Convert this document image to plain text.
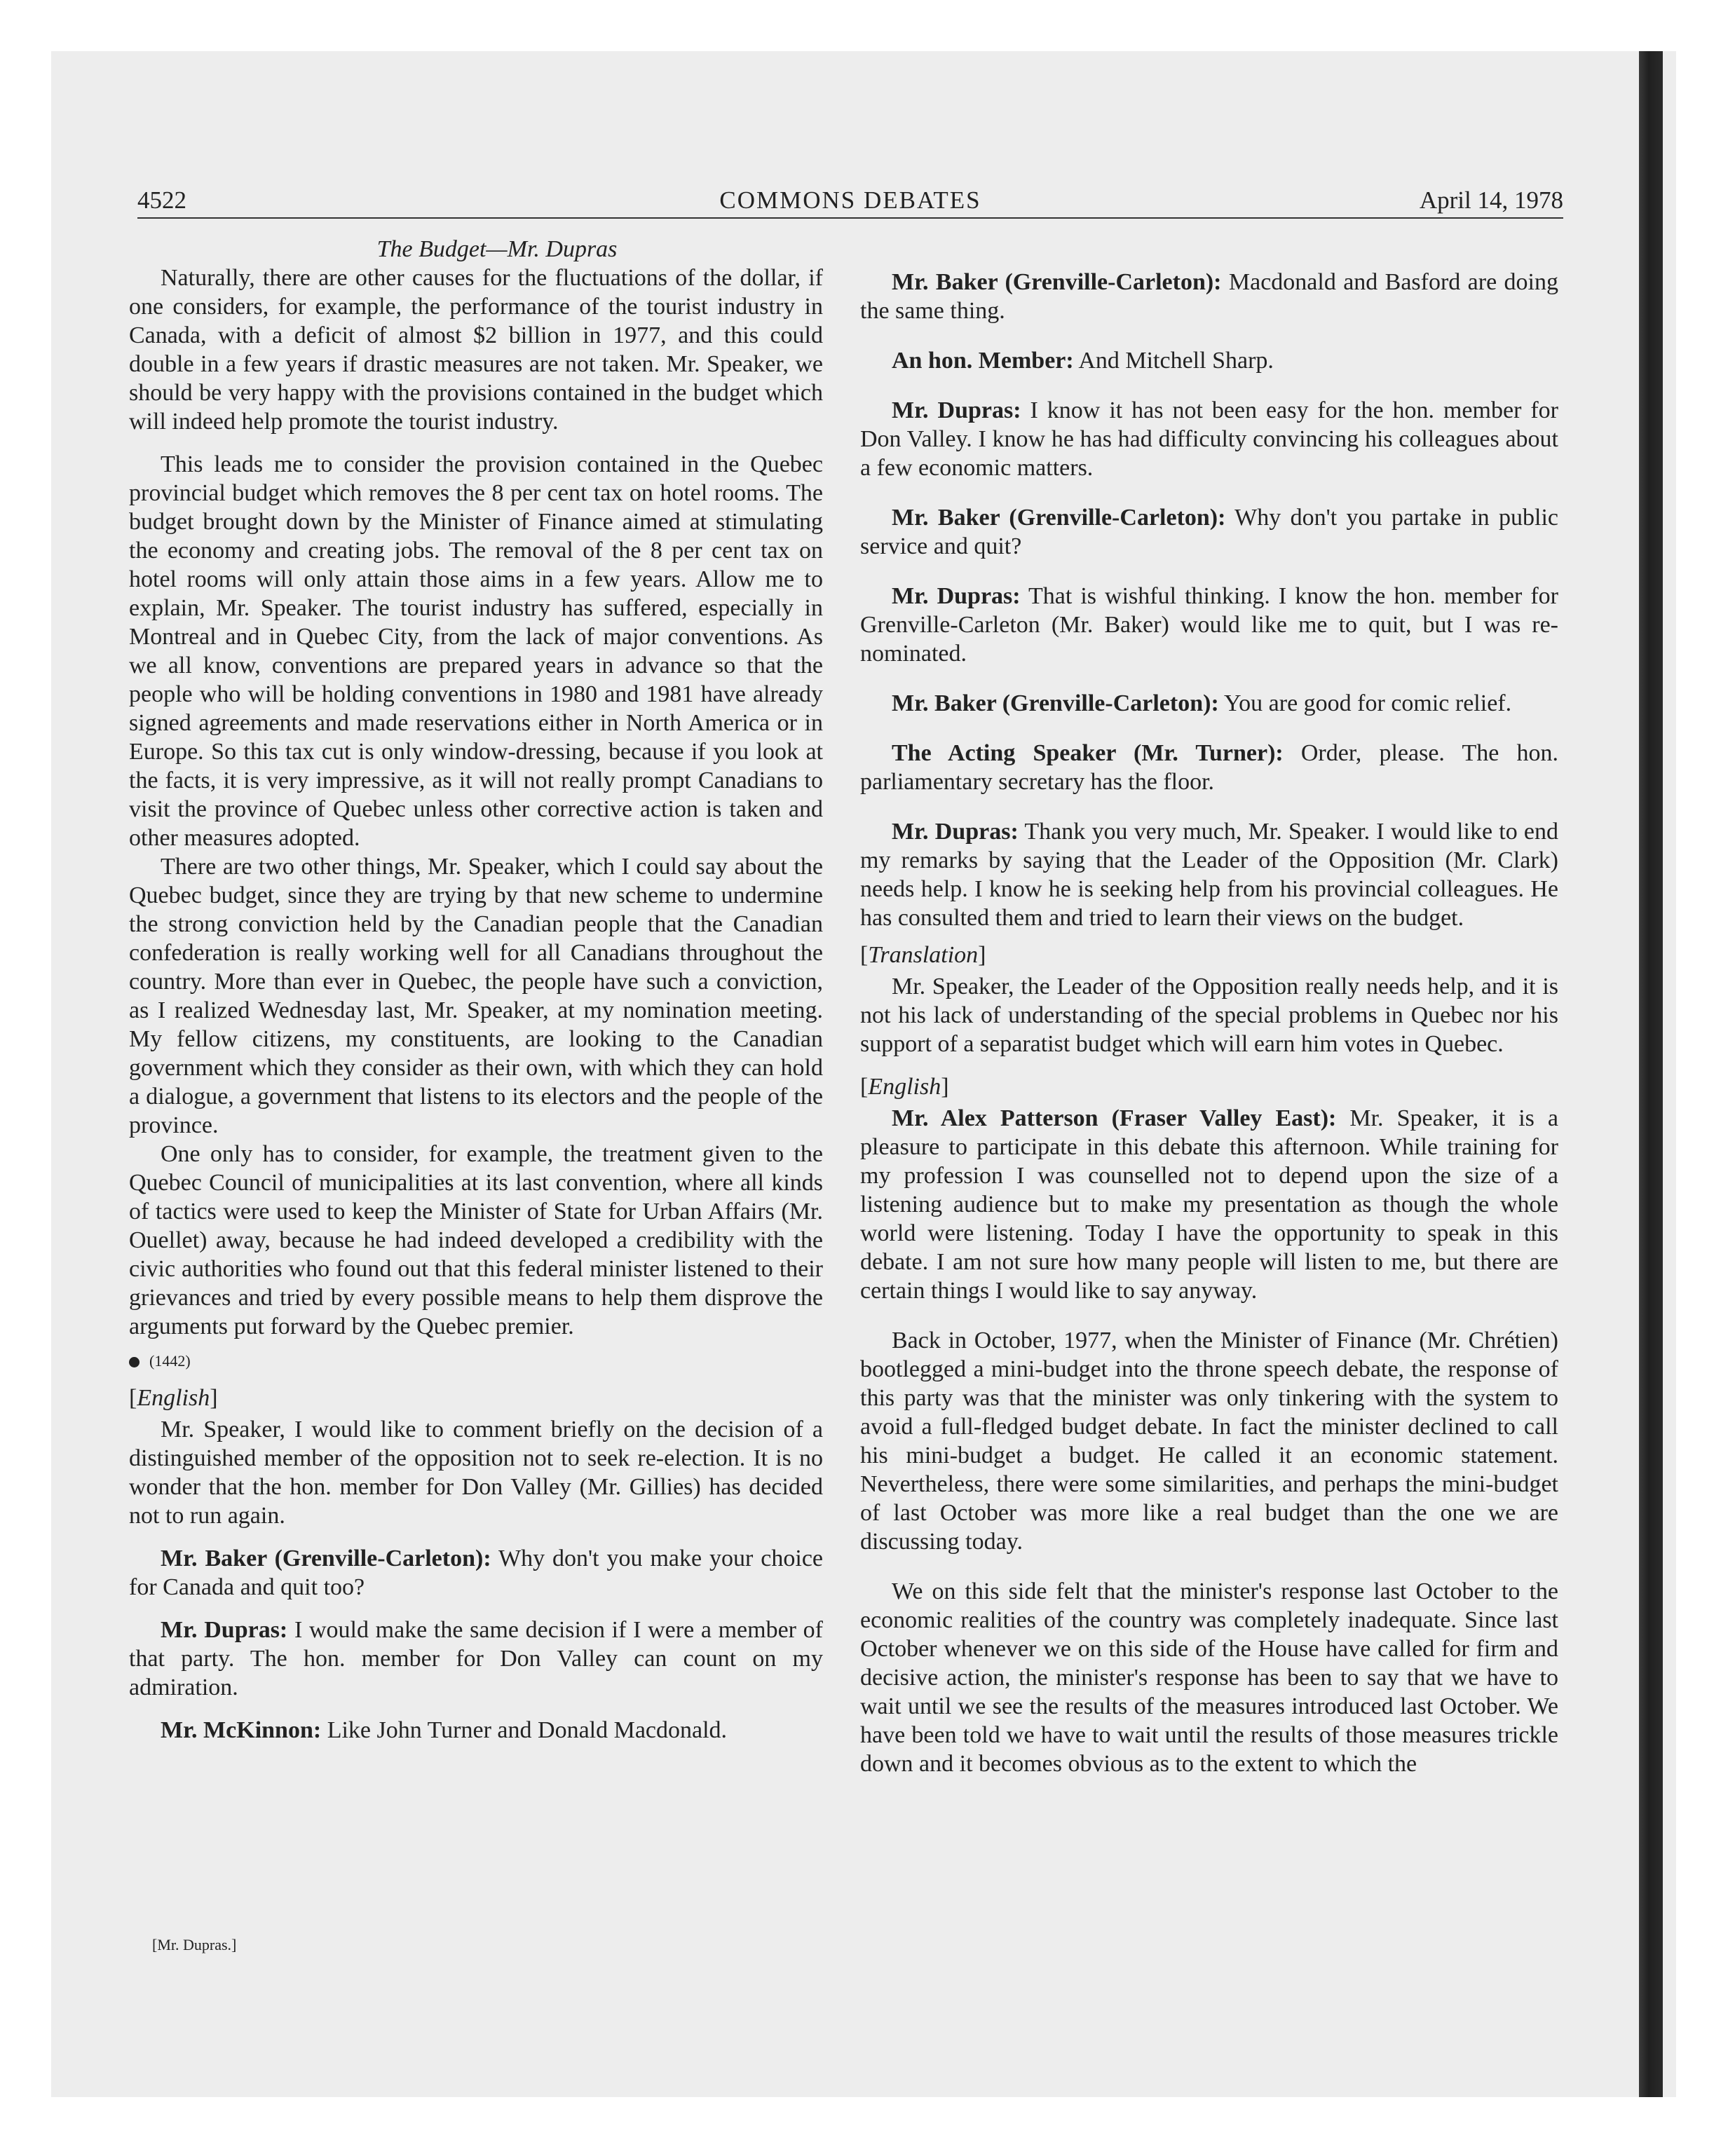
4522	COMMONS DEBATES	April 14, 1978
The Budget—Mr. Dupras

Naturally, there are other causes for the fluctuations of the dollar, if one considers, for example, the performance of the tourist industry in Canada, with a deficit of almost $2 billion in 1977, and this could double in a few years if drastic measures are not taken. Mr. Speaker, we should be very happy with the provisions contained in the budget which will indeed help promote the tourist industry.

This leads me to consider the provision contained in the Quebec provincial budget which removes the 8 per cent tax on hotel rooms. The budget brought down by the Minister of Finance aimed at stimulating the economy and creating jobs. The removal of the 8 per cent tax on hotel rooms will only attain those aims in a few years. Allow me to explain, Mr. Speaker. The tourist industry has suffered, especially in Montreal and in Quebec City, from the lack of major conventions. As we all know, conventions are prepared years in advance so that the people who will be holding conventions in 1980 and 1981 have already signed agreements and made reservations either in North America or in Europe. So this tax cut is only window-dressing, because if you look at the facts, it is very impressive, as it will not really prompt Canadians to visit the province of Quebec unless other corrective action is taken and other measures adopted.

There are two other things, Mr. Speaker, which I could say about the Quebec budget, since they are trying by that new scheme to undermine the strong conviction held by the Canadian people that the Canadian confederation is really working well for all Canadians throughout the country. More than ever in Quebec, the people have such a conviction, as I realized Wednesday last, Mr. Speaker, at my nomination meeting. My fellow citizens, my constituents, are looking to the Canadian government which they consider as their own, with which they can hold a dialogue, a government that listens to its electors and the people of the province.

One only has to consider, for example, the treatment given to the Quebec Council of municipalities at its last convention, where all kinds of tactics were used to keep the Minister of State for Urban Affairs (Mr. Ouellet) away, because he had indeed developed a credibility with the civic authorities who found out that this federal minister listened to their grievances and tried by every possible means to help them disprove the arguments put forward by the Quebec premier.

(1442)
[English]

Mr. Speaker, I would like to comment briefly on the decision of a distinguished member of the opposition not to seek re-election. It is no wonder that the hon. member for Don Valley (Mr. Gillies) has decided not to run again.

Mr. Baker (Grenville-Carleton): Why don't you make your choice for Canada and quit too?

Mr. Dupras: I would make the same decision if I were a member of that party. The hon. member for Don Valley can count on my admiration.

Mr. McKinnon: Like John Turner and Donald Macdonald.

Mr. Baker (Grenville-Carleton): Macdonald and Basford are doing the same thing.

An hon. Member: And Mitchell Sharp.

Mr. Dupras: I know it has not been easy for the hon. member for Don Valley. I know he has had difficulty convincing his colleagues about a few economic matters.

Mr. Baker (Grenville-Carleton): Why don't you partake in public service and quit?

Mr. Dupras: That is wishful thinking. I know the hon. member for Grenville-Carleton (Mr. Baker) would like me to quit, but I was re-nominated.

Mr. Baker (Grenville-Carleton): You are good for comic relief.

The Acting Speaker (Mr. Turner): Order, please. The hon. parliamentary secretary has the floor.

Mr. Dupras: Thank you very much, Mr. Speaker. I would like to end my remarks by saying that the Leader of the Opposition (Mr. Clark) needs help. I know he is seeking help from his provincial colleagues. He has consulted them and tried to learn their views on the budget.

[Translation]

Mr. Speaker, the Leader of the Opposition really needs help, and it is not his lack of understanding of the special problems in Quebec nor his support of a separatist budget which will earn him votes in Quebec.

[English]

Mr. Alex Patterson (Fraser Valley East): Mr. Speaker, it is a pleasure to participate in this debate this afternoon. While training for my profession I was counselled not to depend upon the size of a listening audience but to make my presentation as though the whole world were listening. Today I have the opportunity to speak in this debate. I am not sure how many people will listen to me, but there are certain things I would like to say anyway.

Back in October, 1977, when the Minister of Finance (Mr. Chrétien) bootlegged a mini-budget into the throne speech debate, the response of this party was that the minister was only tinkering with the system to avoid a full-fledged budget debate. In fact the minister declined to call his mini-budget a budget. He called it an economic statement. Nevertheless, there were some similarities, and perhaps the mini-budget of last October was more like a real budget than the one we are discussing today.

We on this side felt that the minister's response last October to the economic realities of the country was completely inadequate. Since last October whenever we on this side of the House have called for firm and decisive action, the minister's response has been to say that we have to wait until we see the results of the measures introduced last October. We have been told we have to wait until the results of those measures trickle down and it becomes obvious as to the extent to which the

[Mr. Dupras.]
